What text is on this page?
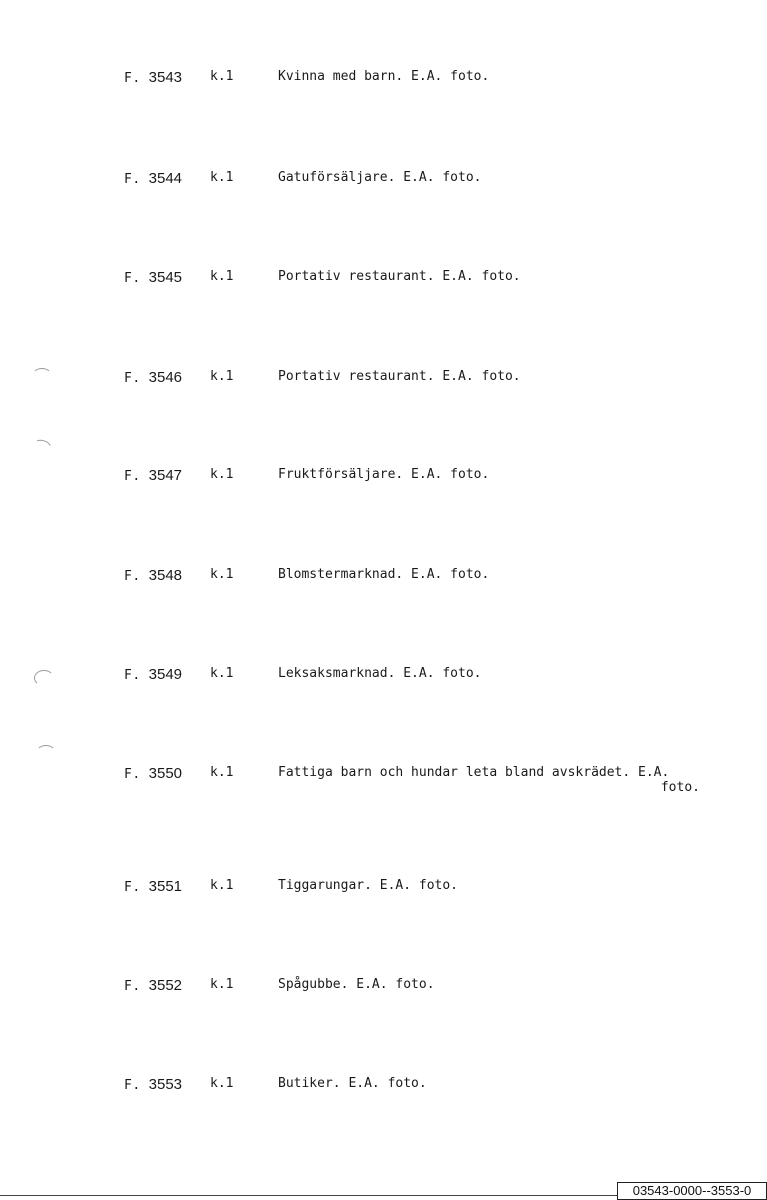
F. 3543 k.1	Kvinna med barn. E.A. foto.
F. 3544 k.1	Gatuförsäljare. E.A. foto.
F. 3545 k.1	Portativ restaurant. E.A. foto.
F. 3546 k.1	Portativ restaurant. E.A. foto.
F. 3547 k.1	Fruktförsäljare. E.A. foto.
F. 3548 k.1	Blomstermarknad. E.A. foto.
F. 3549 k.1	Leksaksmarknad. E.A. foto.
F. 3550 k.1	Fattiga barn och hundar leta bland avskrädet. E.A.
foto.
F. 3551 k.1	Tiggarungar. E.A. foto.
F. 3552 k.1	Spågubbe. E.A. foto.
F. 3553 k.1	Butiker. E.A. foto.
03543-0000--3553-0
